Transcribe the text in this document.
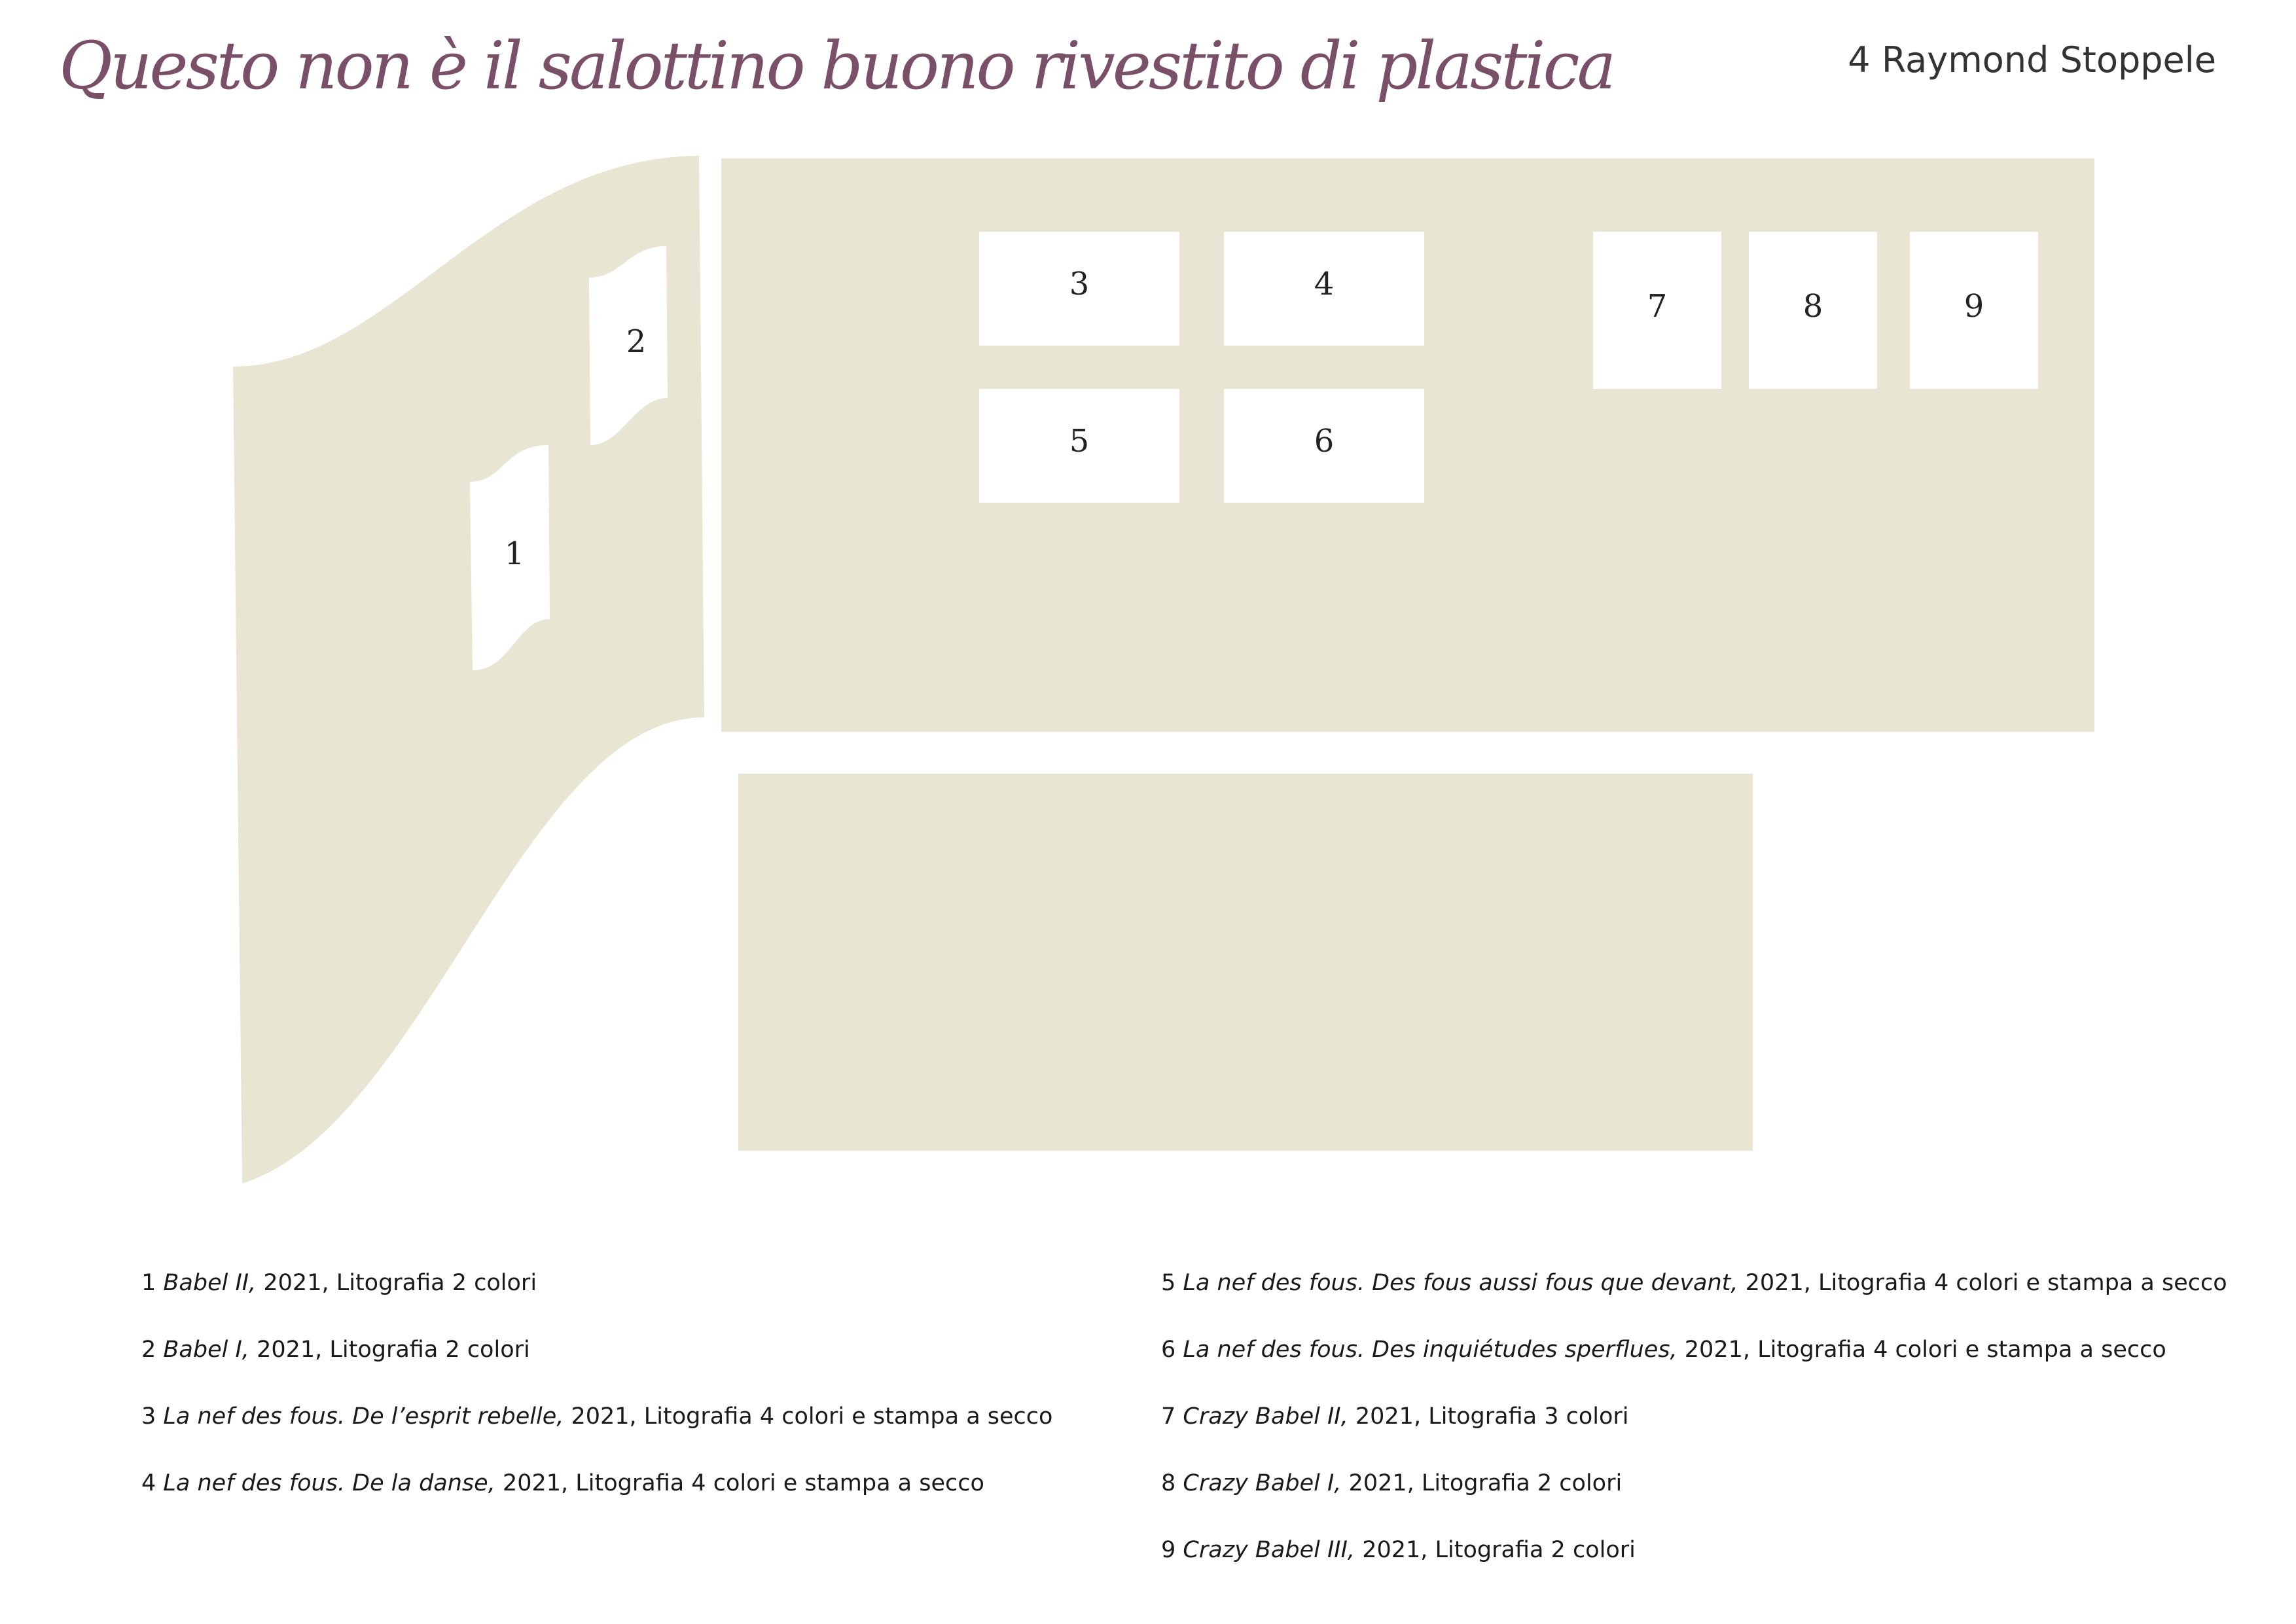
Questo non è il salottino buono rivestito di plastica	4 Raymond Stoppele
1
2
3	4
5	6
7	8	9
1 Babel II, 2021, Litografia 2 colori
2 Babel I, 2021, Litografia 2 colori
3 La nef des fous. De l’esprit rebelle, 2021, Litografia 4 colori e stampa a secco
4 La nef des fous. De la danse, 2021, Litografia 4 colori e stampa a secco
5 La nef des fous. Des fous aussi fous que devant, 2021, Litografia 4 colori e stampa a secco
6 La nef des fous. Des inquiétudes sperflues, 2021, Litografia 4 colori e stampa a secco
7 Crazy Babel II, 2021, Litografia 3 colori
8 Crazy Babel I, 2021, Litografia 2 colori
9 Crazy Babel III, 2021, Litografia 2 colori
